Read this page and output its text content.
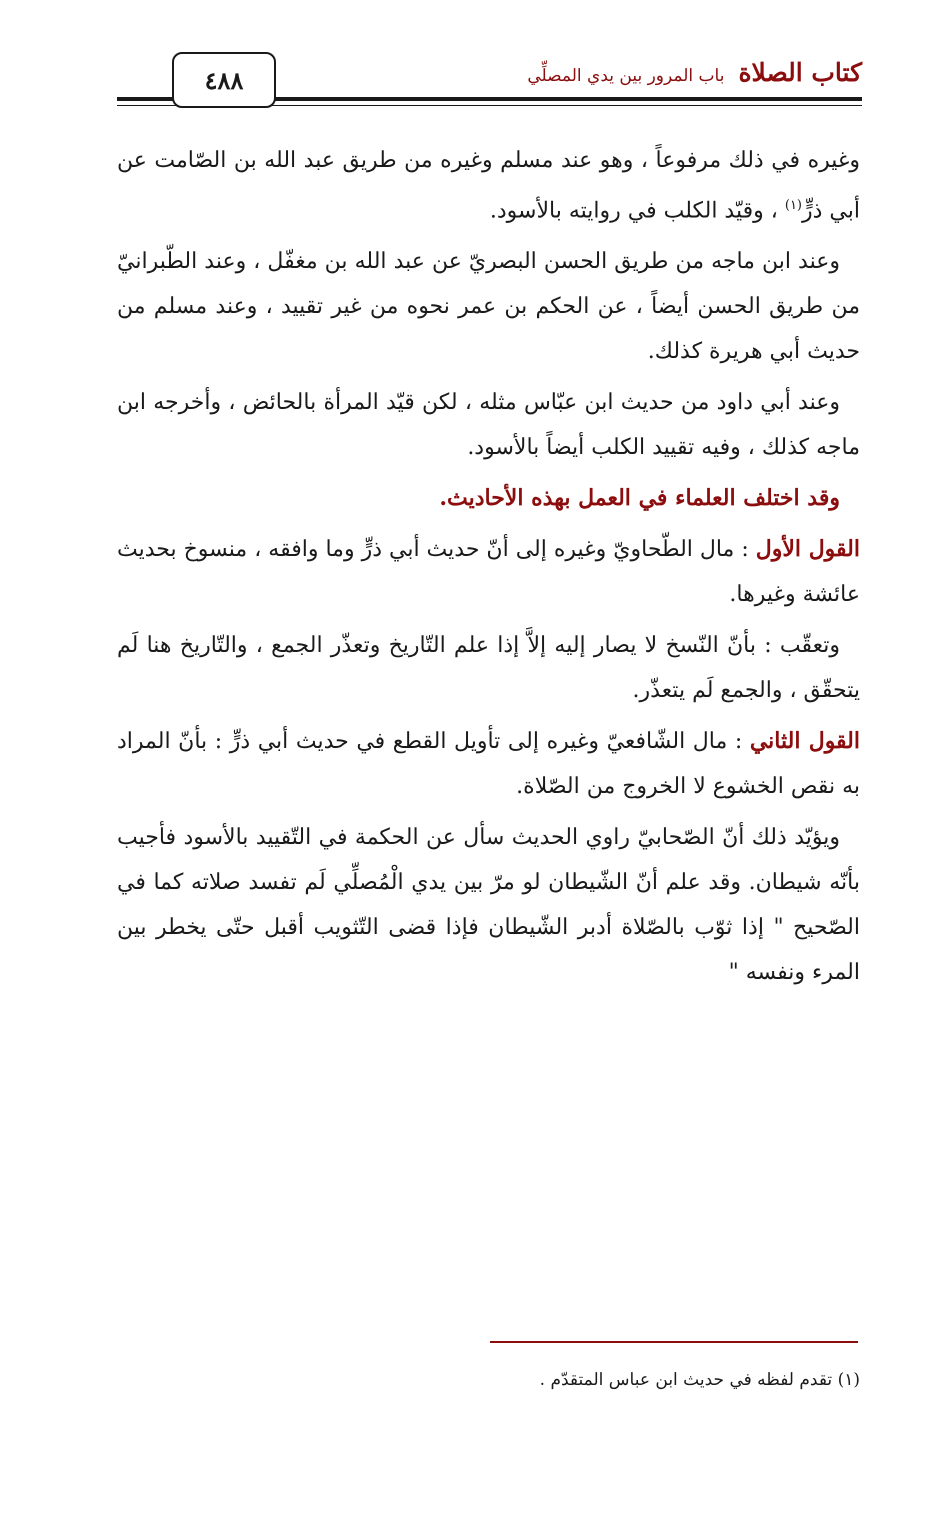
٤٨٨	كتاب الصلاة
باب المرور بين يدي المصلِّي

وغيره في ذلك مرفوعاً ، وهو عند مسلم وغيره من طريق عبد الله بن الصّامت عن أبي ذرٍّ$^{(١)}$ ، وقيّد الكلب في روايته بالأسود.

وعند ابن ماجه من طريق الحسن البصريّ عن عبد الله بن مغفّل ، وعند الطّبرانيّ من طريق الحسن أيضاً ، عن الحكم بن عمر نحوه من غير تقييد ، وعند مسلم من حديث أبي هريرة كذلك.

وعند أبي داود من حديث ابن عبّاس مثله ، لكن قيّد المرأة بالحائض ، وأخرجه ابن ماجه كذلك ، وفيه تقييد الكلب أيضاً بالأسود.

وقد اختلف العلماء في العمل بهذه الأحاديث.

القول الأول : مال الطّحاويّ وغيره إلى أنّ حديث أبي ذرٍّ وما وافقه ، منسوخ بحديث عائشة وغيرها.

وتعقّب : بأنّ النّسخ لا يصار إليه إلاَّ إذا علم التّاريخ وتعذّر الجمع ، والتّاريخ هنا لَم يتحقّق ، والجمع لَم يتعذّر.

القول الثاني : مال الشّافعيّ وغيره إلى تأويل القطع في حديث أبي ذرٍّ : بأنّ المراد به نقص الخشوع لا الخروج من الصّلاة.

ويؤيّد ذلك أنّ الصّحابيّ راوي الحديث سأل عن الحكمة في التّقييد بالأسود فأجيب بأنّه شيطان. وقد علم أنّ الشّيطان لو مرّ بين يدي الْمُصلِّي لَم تفسد صلاته كما في الصّحيح " إذا ثوّب بالصّلاة أدبر الشّيطان فإذا قضى التّثويب أقبل حتّى يخطر بين المرء ونفسه "

(١) تقدم لفظه في حديث ابن عباس المتقدّم .
